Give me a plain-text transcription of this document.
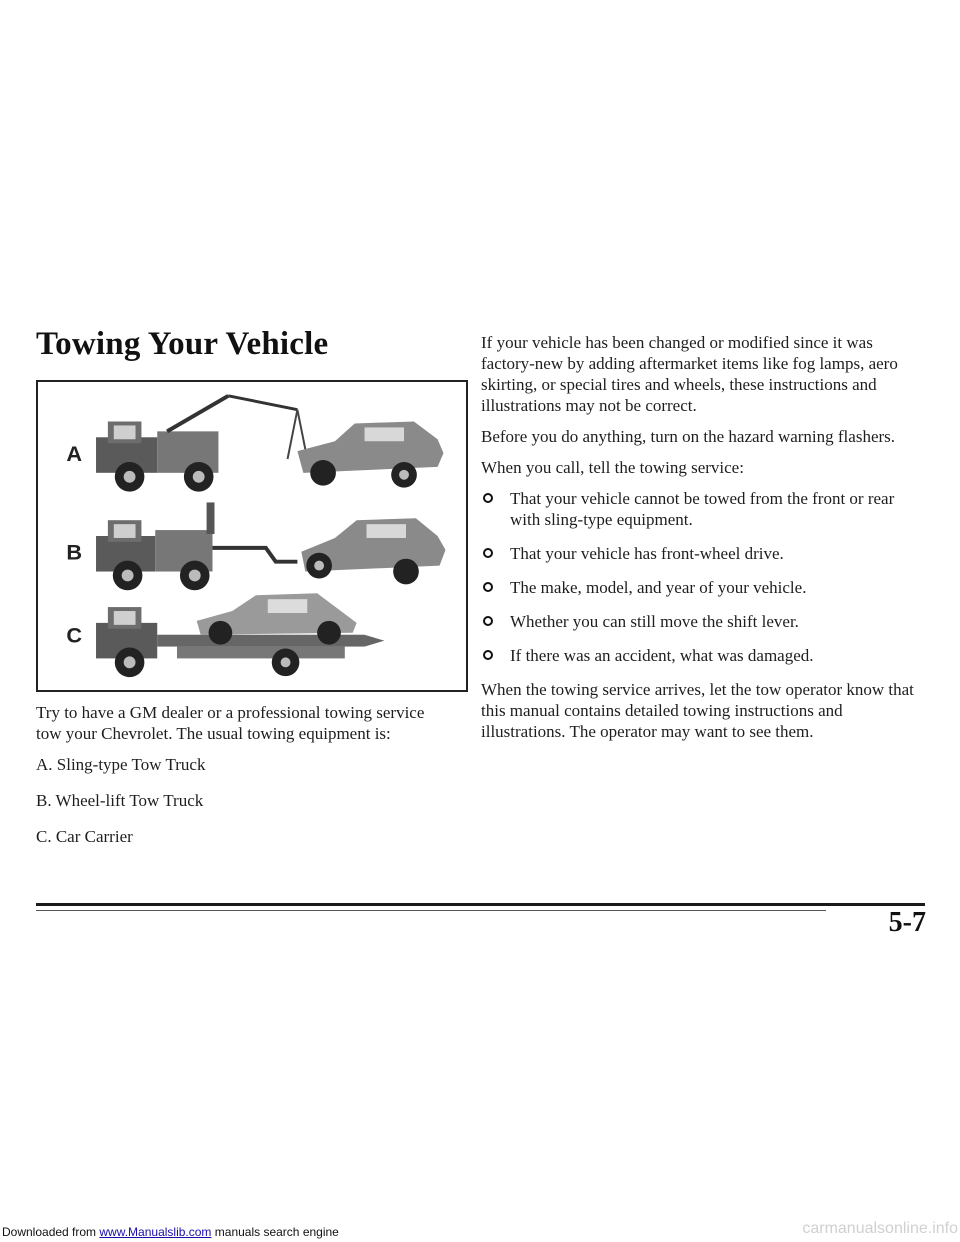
Towing Your Vehicle
A
B
C

Try to have a GM dealer or a professional towing service tow your Chevrolet. The usual towing equipment is:

A. Sling-type Tow Truck

B. Wheel-lift Tow Truck

C. Car Carrier

If your vehicle has been changed or modified since it was factory-new by adding aftermarket items like fog lamps, aero skirting, or special tires and wheels, these instructions and illustrations may not be correct.

Before you do anything, turn on the hazard warning flashers.

When you call, tell the towing service:

That your vehicle cannot be towed from the front or rear with sling-type equipment.
That your vehicle has front-wheel drive.
The make, model, and year of your vehicle.
Whether you can still move the shift lever.
If there was an accident, what was damaged.

When the towing service arrives, let the tow operator know that this manual contains detailed towing instructions and illustrations. The operator may want to see them.

5-7

Downloaded from www.Manualslib.com manuals search engine	carmanualsonline.info
